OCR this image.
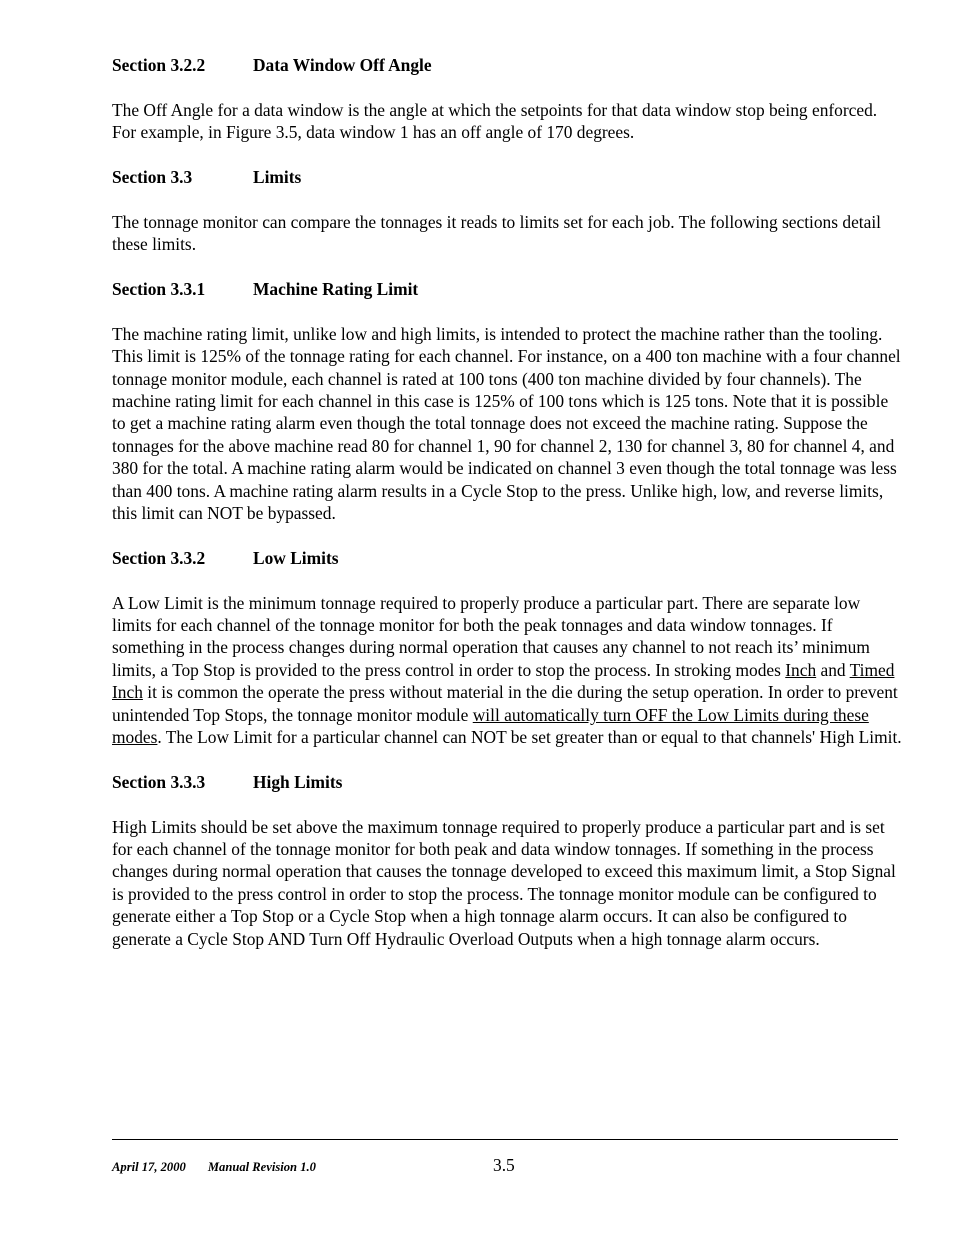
Section 3.2.2	Data Window Off Angle

The Off Angle for a data window is the angle at which the setpoints for that data window stop being enforced. For example, in Figure 3.5, data window 1 has an off angle of 170 degrees.

Section 3.3	Limits

The tonnage monitor can compare the tonnages it reads to limits set for each job. The following sections detail these limits.

Section 3.3.1	Machine Rating Limit

The machine rating limit, unlike low and high limits, is intended to protect the machine rather than the tooling. This limit is 125% of the tonnage rating for each channel. For instance, on a 400 ton machine with a four channel tonnage monitor module, each channel is rated at 100 tons (400 ton machine divided by four channels). The machine rating limit for each channel in this case is 125% of 100 tons which is 125 tons. Note that it is possible to get a machine rating alarm even though the total tonnage does not exceed the machine rating. Suppose the tonnages for the above machine read 80 for channel 1, 90 for channel 2, 130 for channel 3, 80 for channel 4, and 380 for the total. A machine rating alarm would be indicated on channel 3 even though the total tonnage was less than 400 tons. A machine rating alarm results in a Cycle Stop to the press. Unlike high, low, and reverse limits, this limit can NOT be bypassed.

Section 3.3.2	Low Limits

A Low Limit is the minimum tonnage required to properly produce a particular part. There are separate low limits for each channel of the tonnage monitor for both the peak tonnages and data window tonnages. If something in the process changes during normal operation that causes any channel to not reach its’ minimum limits, a Top Stop is provided to the press control in order to stop the process. In stroking modes Inch and Timed Inch it is common the operate the press without material in the die during the setup operation. In order to prevent unintended Top Stops, the tonnage monitor module will automatically turn OFF the Low Limits during these modes. The Low Limit for a particular channel can NOT be set greater than or equal to that channels' High Limit.

Section 3.3.3	High Limits

High Limits should be set above the maximum tonnage required to properly produce a particular part and is set for each channel of the tonnage monitor for both peak and data window tonnages. If something in the process changes during normal operation that causes the tonnage developed to exceed this maximum limit, a Stop Signal is provided to the press control in order to stop the process. The tonnage monitor module can be configured to generate either a Top Stop or a Cycle Stop when a high tonnage alarm occurs. It can also be configured to generate a Cycle Stop AND Turn Off Hydraulic Overload Outputs when a high tonnage alarm occurs.

April 17, 2000 Manual Revision 1.0	3.5
